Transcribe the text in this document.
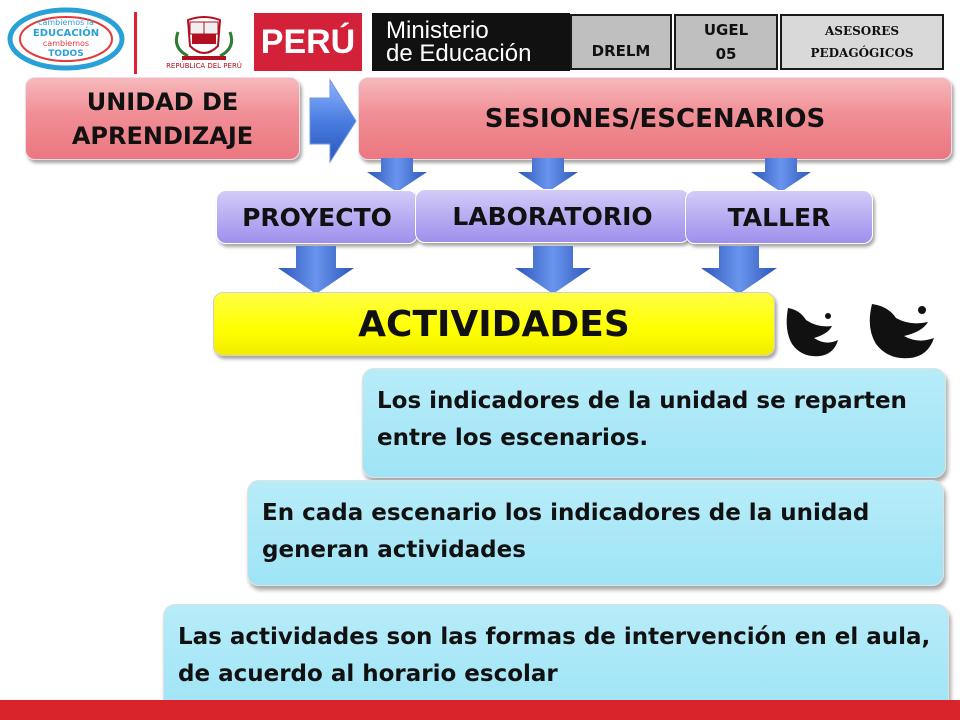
cambiemos la
EDUCACIÓN
cambiemos
TODOS
REPÚBLICA DEL PERÚ
PERÚ Ministerio
de Educación	DRELM
UGEL
05
ASESORES
PEDAGÓGICOS
UNIDAD DE
APRENDIZAJE
SESIONES/ESCENARIOS
PROYECTO	LABORATORIO	TALLER
ACTIVIDADES
Los indicadores de la unidad se reparten entre los escenarios.
En cada escenario los indicadores de la unidad generan actividades
Las actividades son las formas de intervención en el aula, de acuerdo al horario escolar
